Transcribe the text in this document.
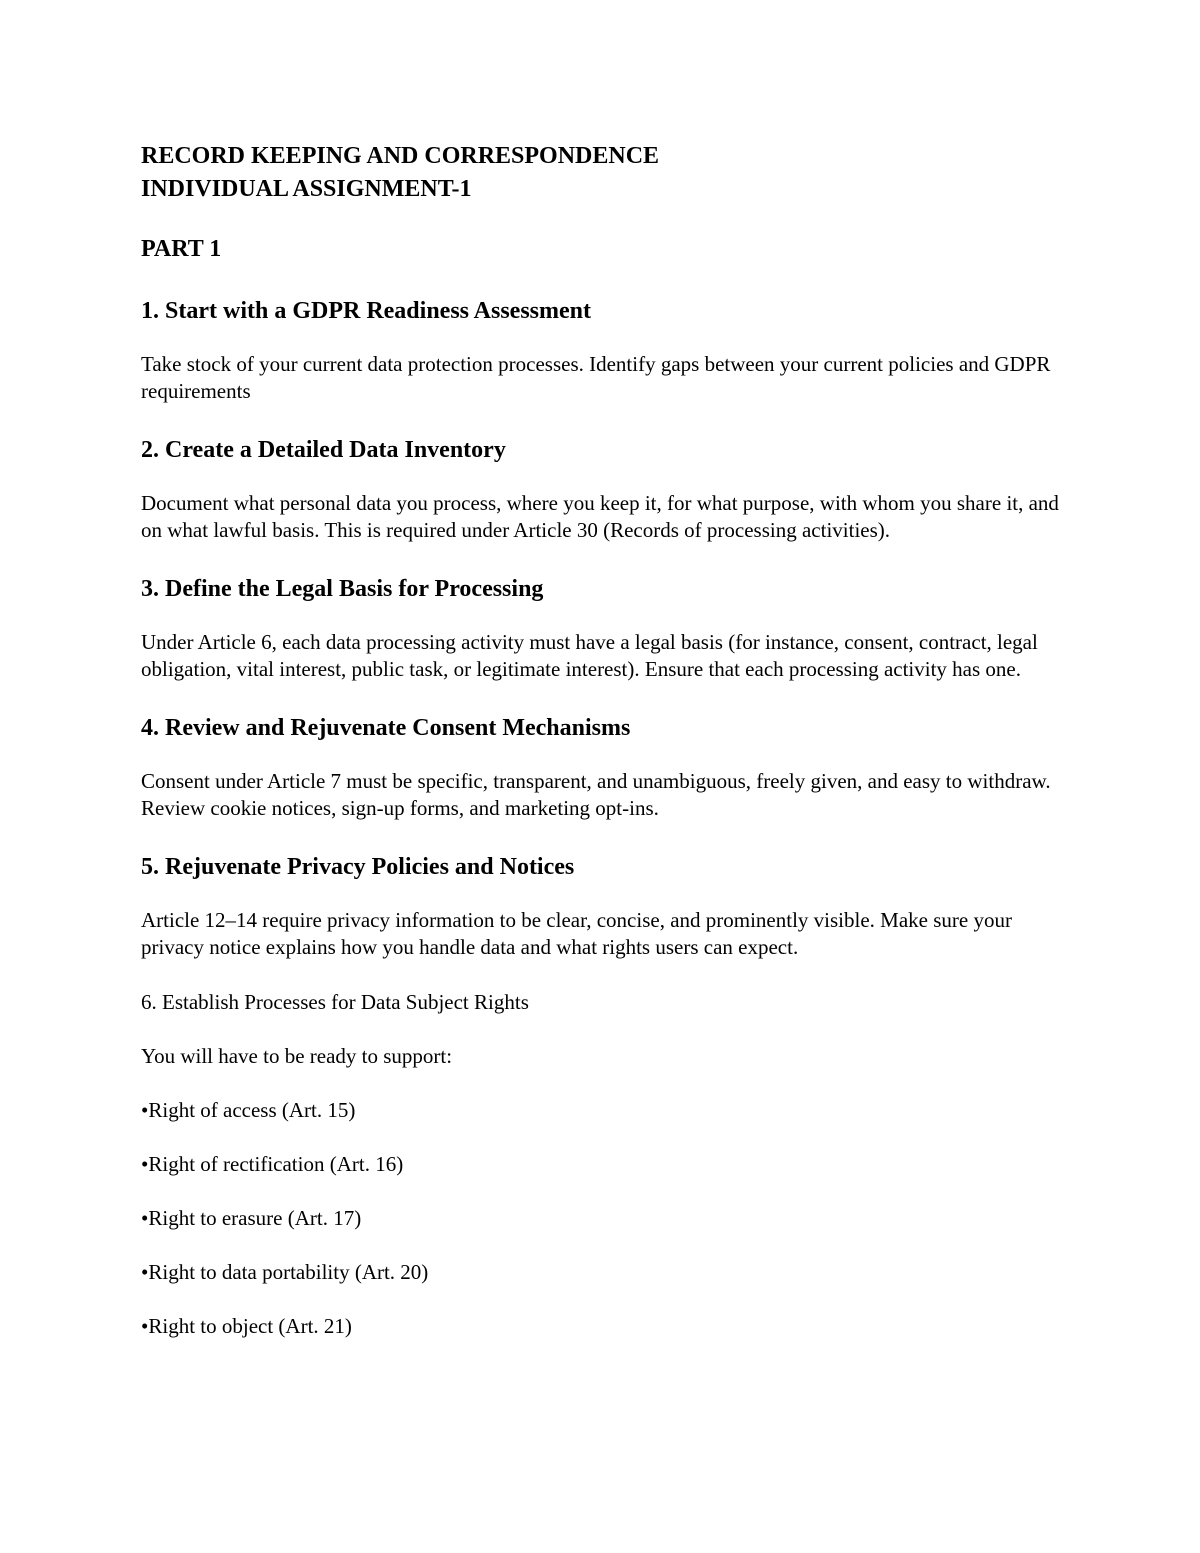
RECORD KEEPING AND CORRESPONDENCE

INDIVIDUAL ASSIGNMENT-1

PART 1

1. Start with a GDPR Readiness Assessment

Take stock of your current data protection processes. Identify gaps between your current policies and GDPR requirements

2. Create a Detailed Data Inventory

Document what personal data you process, where you keep it, for what purpose, with whom you share it, and on what lawful basis. This is required under Article 30 (Records of processing activities).

3. Define the Legal Basis for Processing

Under Article 6, each data processing activity must have a legal basis (for instance, consent, contract, legal obligation, vital interest, public task, or legitimate interest). Ensure that each processing activity has one.

4. Review and Rejuvenate Consent Mechanisms

Consent under Article 7 must be specific, transparent, and unambiguous, freely given, and easy to withdraw. Review cookie notices, sign-up forms, and marketing opt-ins.

5. Rejuvenate Privacy Policies and Notices

Article 12–14 require privacy information to be clear, concise, and prominently visible. Make sure your privacy notice explains how you handle data and what rights users can expect.

6. Establish Processes for Data Subject Rights

You will have to be ready to support:

•Right of access (Art. 15)
•Right of rectification (Art. 16)
•Right to erasure (Art. 17)
•Right to data portability (Art. 20)
•Right to object (Art. 21)
